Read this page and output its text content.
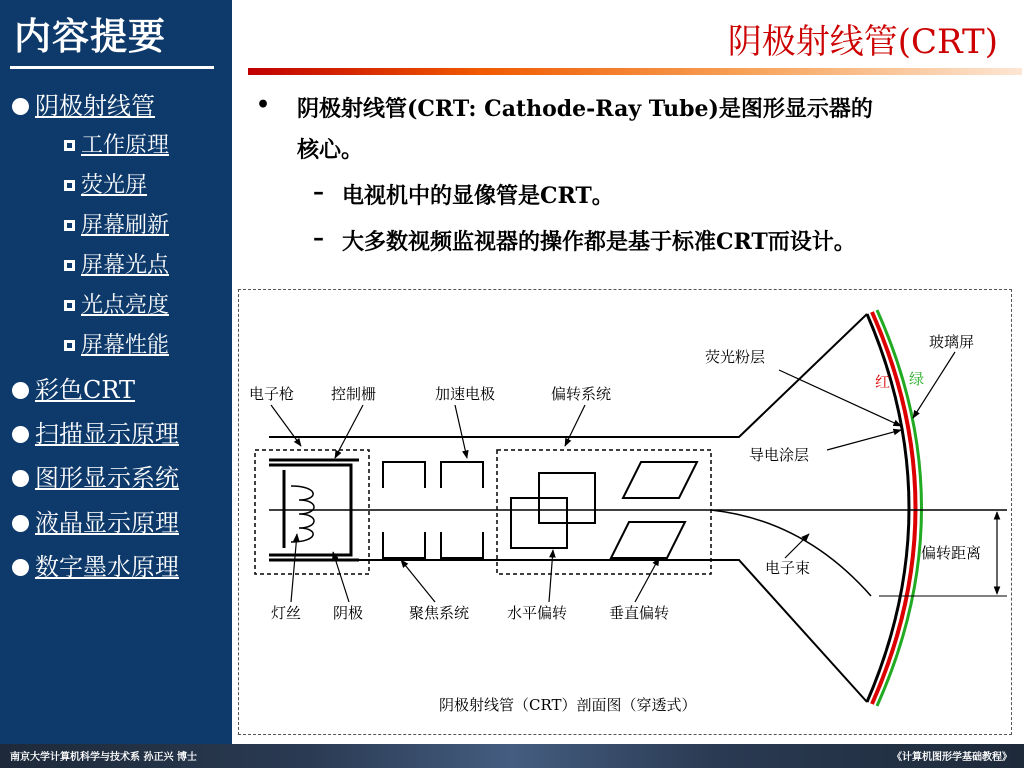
内容提要
阴极射线管
工作原理
荧光屏
屏幕刷新
屏幕光点
光点亮度
屏幕性能
彩色CRT
扫描显示原理
图形显示系统
液晶显示原理
数字墨水原理
阴极射线管(CRT)
• 阴极射线管(CRT: Cathode-Ray Tube)是图形显示器的
核心。
– 电视机中的显像管是CRT。
– 大多数视频监视器的操作都是基于标准CRT而设计。
电子枪 控制栅	加速电极	偏转系统
荧光粉层
玻璃屏
红 绿
导电涂层
偏转距离
电子束
灯丝 阴极	聚焦系统	水平偏转	垂直偏转
阴极射线管（CRT）剖面图（穿透式）
南京大学计算机科学与技术系 孙正兴 博士	《计算机图形学基础教程》
